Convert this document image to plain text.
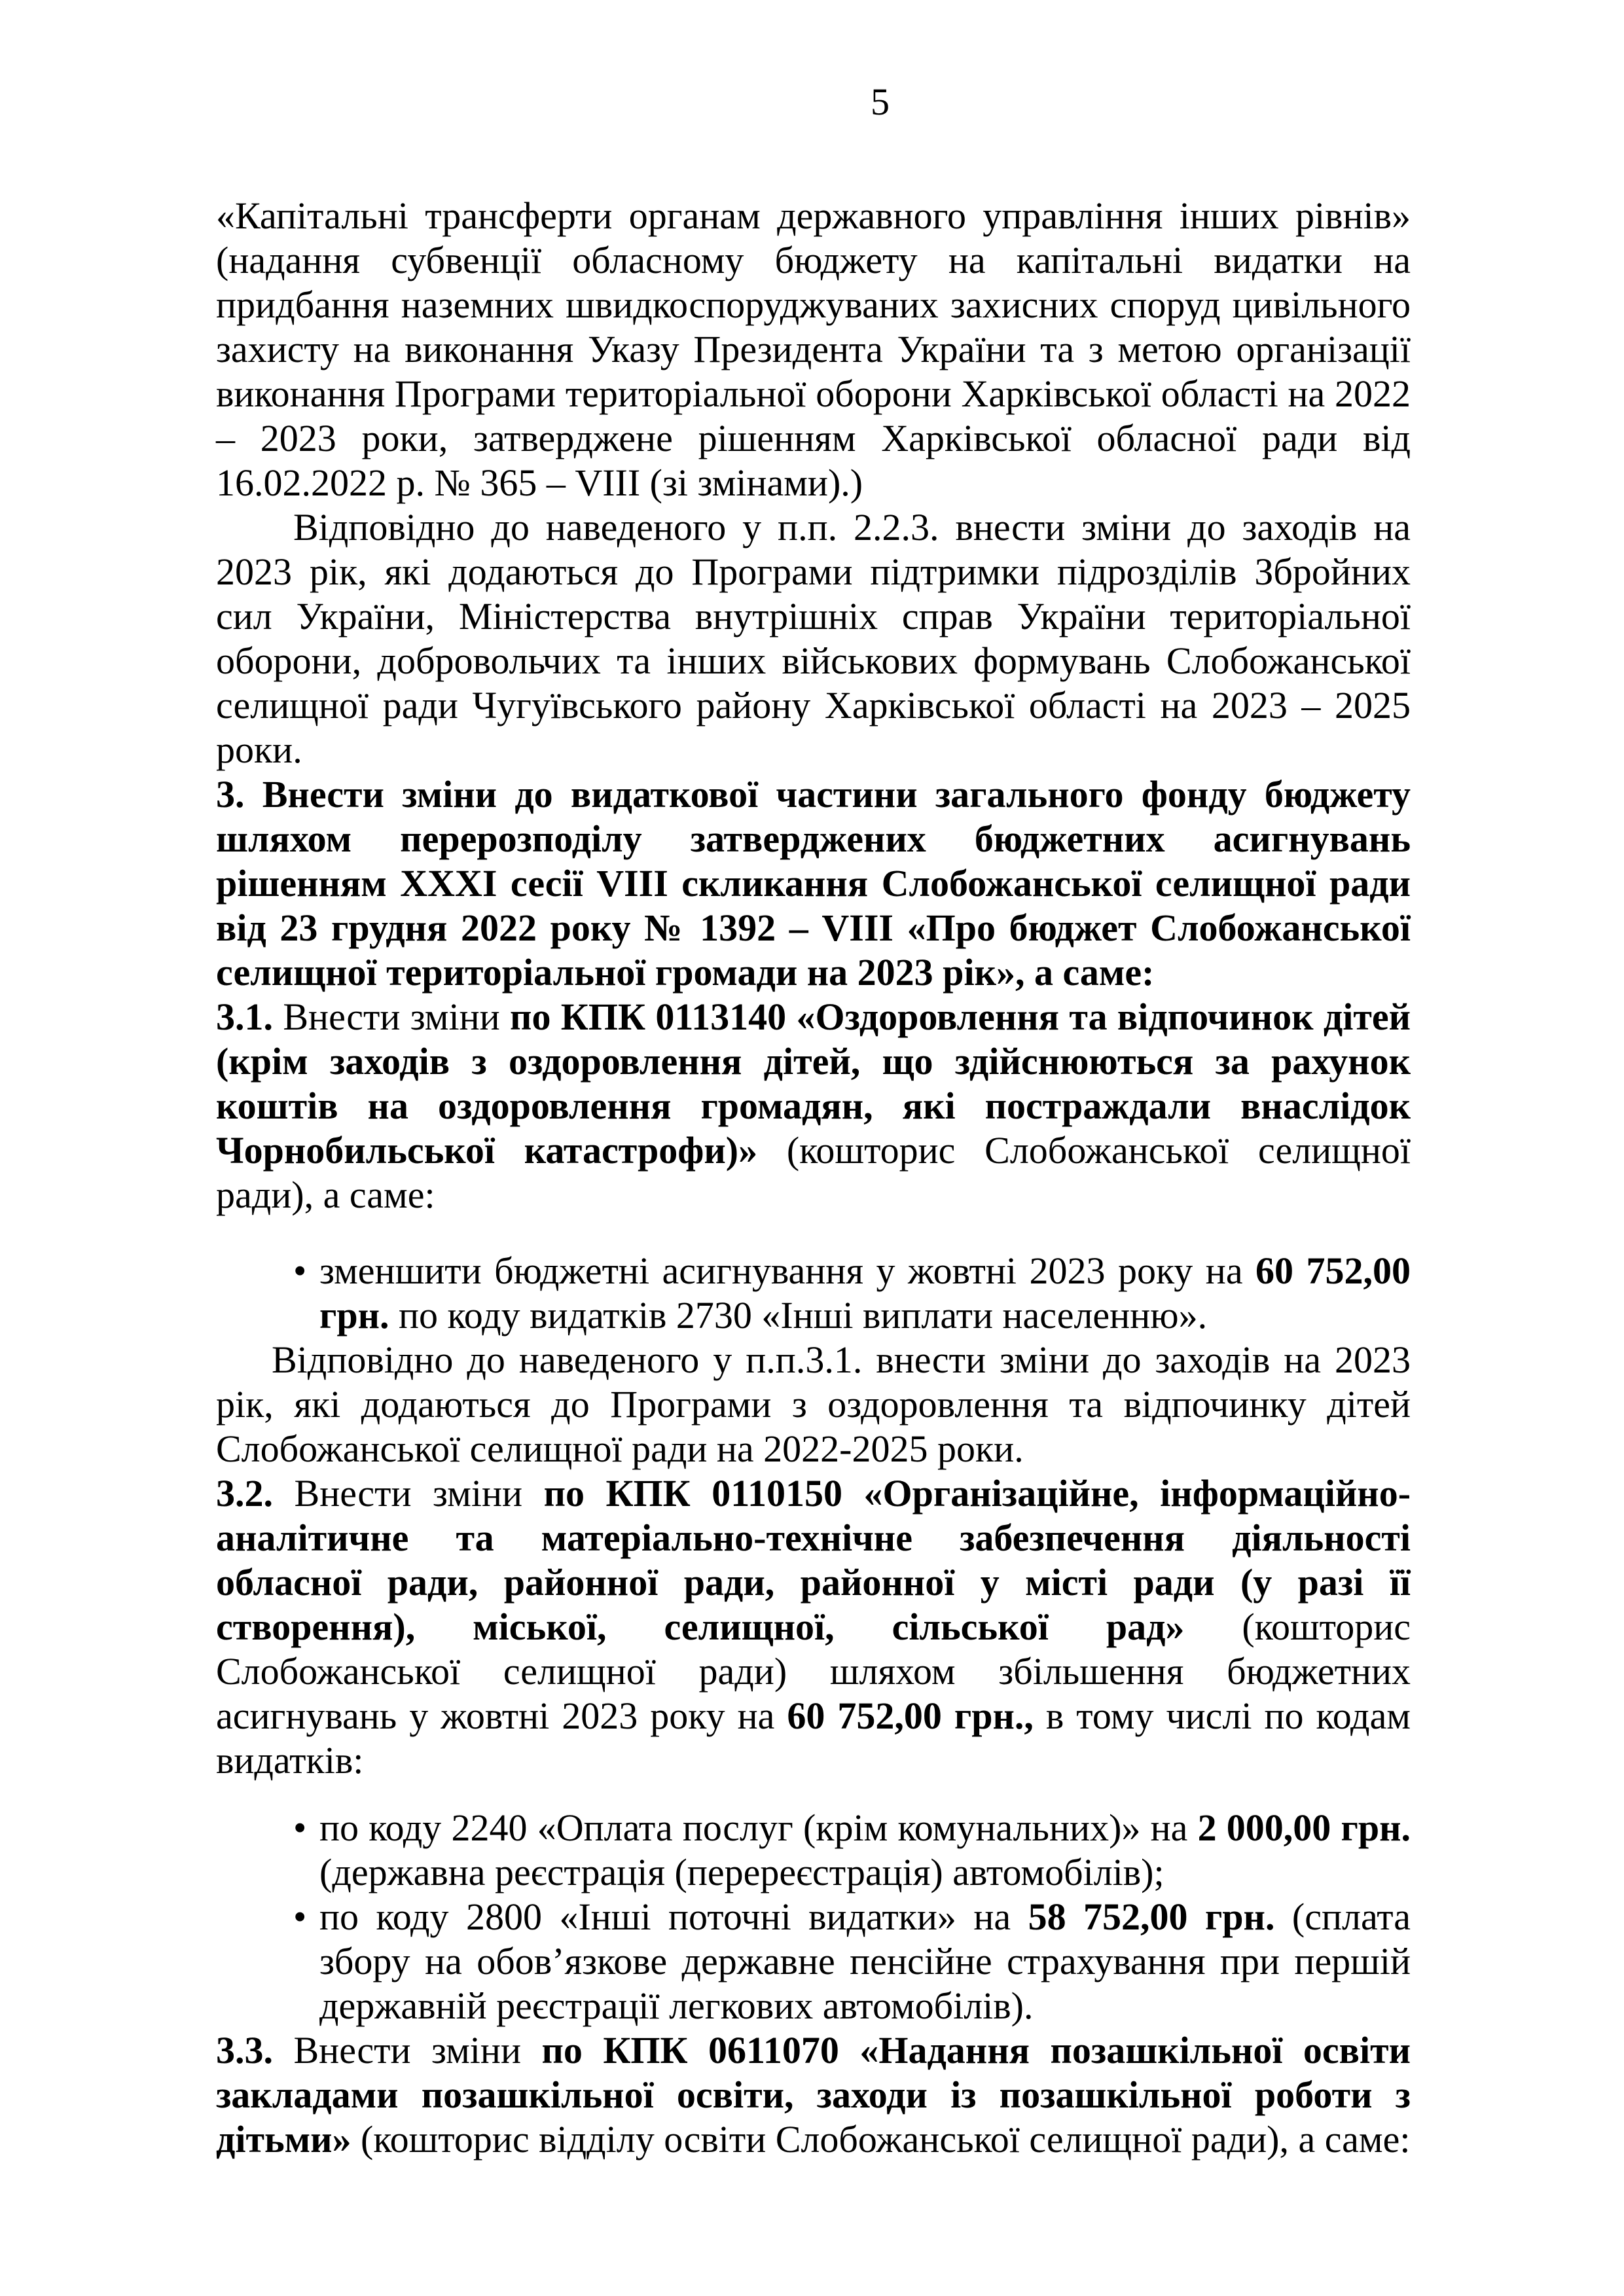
5

«Капітальні трансферти органам державного управління інших рівнів» (надання субвенції обласному бюджету на капітальні видатки на придбання наземних швидкоспоруджуваних захисних споруд цивільного захисту на виконання Указу Президента України та з метою організації виконання Програми територіальної оборони Харківської області на 2022 – 2023 роки, затверджене рішенням Харківської обласної ради від 16.02.2022 р. № 365 – VIII (зі змінами).)

Відповідно до наведеного у п.п. 2.2.3. внести зміни до заходів на 2023 рік, які додаються до Програми підтримки підрозділів Збройних сил України, Міністерства внутрішніх справ України територіальної оборони, добровольчих та інших військових формувань Слобожанської селищної ради Чугуївського району Харківської області на 2023 – 2025 роки.

3. Внести зміни до видаткової частини загального фонду бюджету шляхом перерозподілу затверджених бюджетних асигнувань рішенням XXXI сесії VIII скликання Слобожанської селищної ради від 23 грудня 2022 року № 1392 – VIII «Про бюджет Слобожанської селищної територіальної громади на 2023 рік», а саме:

3.1. Внести зміни по КПК 0113140 «Оздоровлення та відпочинок дітей (крім заходів з оздоровлення дітей, що здійснюються за рахунок коштів на оздоровлення громадян, які постраждали внаслідок Чорнобильської катастрофи)» (кошторис Слобожанської селищної ради), а саме:

• зменшити бюджетні асигнування у жовтні 2023 року на 60 752,00 грн. по коду видатків 2730 «Інші виплати населенню».

Відповідно до наведеного у п.п.3.1. внести зміни до заходів на 2023 рік, які додаються до Програми з оздоровлення та відпочинку дітей Слобожанської селищної ради на 2022-2025 роки.

3.2. Внести зміни по КПК 0110150 «Організаційне, інформаційно-аналітичне та матеріально-технічне забезпечення діяльності обласної ради, районної ради, районної у місті ради (у разі її створення), міської, селищної, сільської рад» (кошторис Слобожанської селищної ради) шляхом збільшення бюджетних асигнувань у жовтні 2023 року на 60 752,00 грн., в тому числі по кодам видатків:

• по коду 2240 «Оплата послуг (крім комунальних)» на 2 000,00 грн. (державна реєстрація (перереєстрація) автомобілів);
• по коду 2800 «Інші поточні видатки» на 58 752,00 грн. (сплата збору на обов’язкове державне пенсійне страхування при першій державній реєстрації легкових автомобілів).

3.3. Внести зміни по КПК 0611070 «Надання позашкільної освіти закладами позашкільної освіти, заходи із позашкільної роботи з дітьми» (кошторис відділу освіти Слобожанської селищної ради), а саме:
